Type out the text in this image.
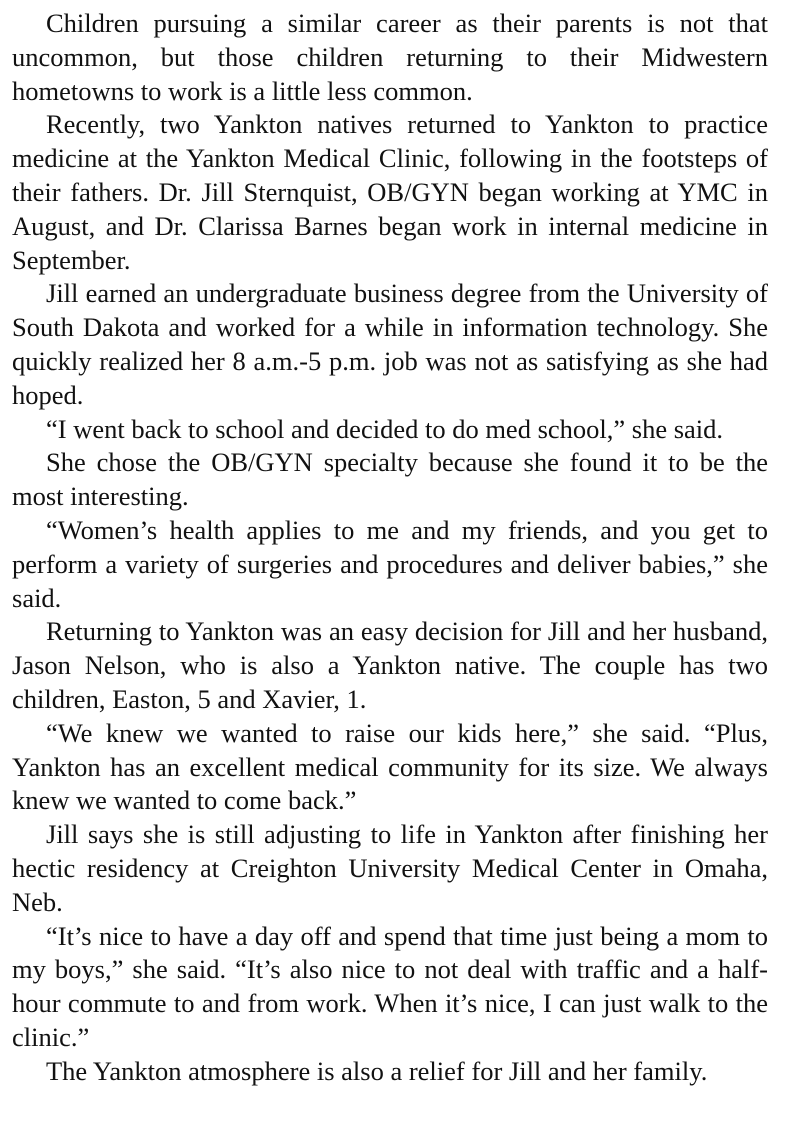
Children pursuing a similar career as their parents is not that uncommon, but those children returning to their Midwestern hometowns to work is a little less common.

Recently, two Yankton natives returned to Yankton to practice medicine at the Yankton Medical Clinic, following in the footsteps of their fathers. Dr. Jill Sternquist, OB/GYN began working at YMC in August, and Dr. Clarissa Barnes began work in internal medicine in September.

Jill earned an undergraduate business degree from the University of South Dakota and worked for a while in information technology. She quickly realized her 8 a.m.-5 p.m. job was not as satisfying as she had hoped.

“I went back to school and decided to do med school,” she said.

She chose the OB/GYN specialty because she found it to be the most interesting.

“Women’s health applies to me and my friends, and you get to perform a variety of surgeries and procedures and deliver babies,” she said.

Returning to Yankton was an easy decision for Jill and her husband, Jason Nelson, who is also a Yankton native. The couple has two children, Easton, 5 and Xavier, 1.

“We knew we wanted to raise our kids here,” she said. “Plus, Yankton has an excellent medical community for its size. We always knew we wanted to come back.”

Jill says she is still adjusting to life in Yankton after finishing her hectic residency at Creighton University Medical Center in Omaha, Neb.

“It’s nice to have a day off and spend that time just being a mom to my boys,” she said. “It’s also nice to not deal with traffic and a half-hour commute to and from work. When it’s nice, I can just walk to the clinic.”

The Yankton atmosphere is also a relief for Jill and her family.
